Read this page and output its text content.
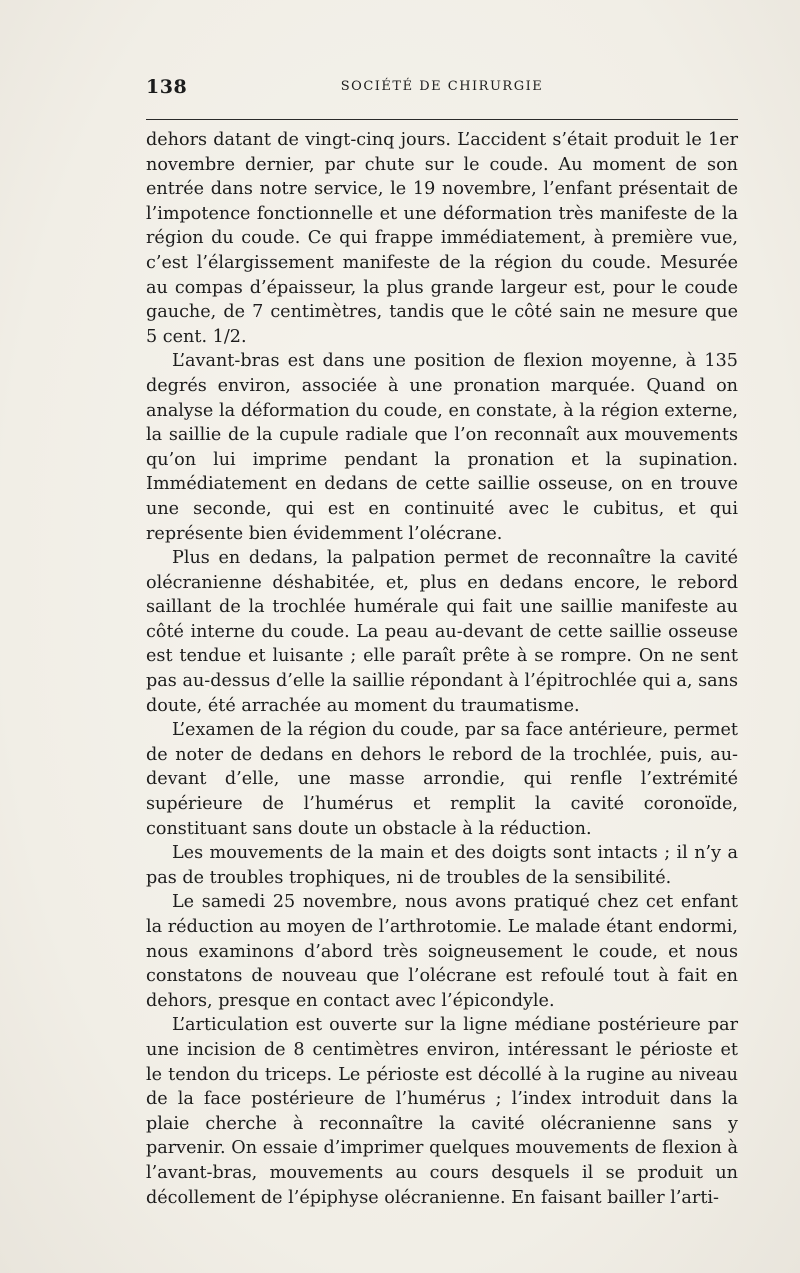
138	SOCIÉTÉ DE CHIRURGIE

dehors datant de vingt-cinq jours. L’accident s’était produit le 1er novembre dernier, par chute sur le coude. Au moment de son entrée dans notre service, le 19 novembre, l’enfant présentait de l’impotence fonctionnelle et une déformation très manifeste de la région du coude. Ce qui frappe immédiatement, à première vue, c’est l’élargissement manifeste de la région du coude. Mesurée au compas d’épaisseur, la plus grande largeur est, pour le coude gauche, de 7 centimètres, tandis que le côté sain ne mesure que 5 cent. 1/2.

L’avant-bras est dans une position de flexion moyenne, à 135 degrés environ, associée à une pronation marquée. Quand on analyse la déformation du coude, en constate, à la région externe, la saillie de la cupule radiale que l’on reconnaît aux mouvements qu’on lui imprime pendant la pronation et la supination. Immédiatement en dedans de cette saillie osseuse, on en trouve une seconde, qui est en continuité avec le cubitus, et qui représente bien évidemment l’olécrane.

Plus en dedans, la palpation permet de reconnaître la cavité olécranienne déshabitée, et, plus en dedans encore, le rebord saillant de la trochlée humérale qui fait une saillie manifeste au côté interne du coude. La peau au-devant de cette saillie osseuse est tendue et luisante ; elle paraît prête à se rompre. On ne sent pas au-dessus d’elle la saillie répondant à l’épitrochlée qui a, sans doute, été arrachée au moment du traumatisme.

L’examen de la région du coude, par sa face antérieure, permet de noter de dedans en dehors le rebord de la trochlée, puis, au-devant d’elle, une masse arrondie, qui renfle l’extrémité supérieure de l’humérus et remplit la cavité coronoïde, constituant sans doute un obstacle à la réduction.

Les mouvements de la main et des doigts sont intacts ; il n’y a pas de troubles trophiques, ni de troubles de la sensibilité.

Le samedi 25 novembre, nous avons pratiqué chez cet enfant la réduction au moyen de l’arthrotomie. Le malade étant endormi, nous examinons d’abord très soigneusement le coude, et nous constatons de nouveau que l’olécrane est refoulé tout à fait en dehors, presque en contact avec l’épicondyle.

L’articulation est ouverte sur la ligne médiane postérieure par une incision de 8 centimètres environ, intéressant le périoste et le tendon du triceps. Le périoste est décollé à la rugine au niveau de la face postérieure de l’humérus ; l’index introduit dans la plaie cherche à reconnaître la cavité olécranienne sans y parvenir. On essaie d’imprimer quelques mouvements de flexion à l’avant-bras, mouvements au cours desquels il se produit un décollement de l’épiphyse olécranienne. En faisant bailler l’arti-
